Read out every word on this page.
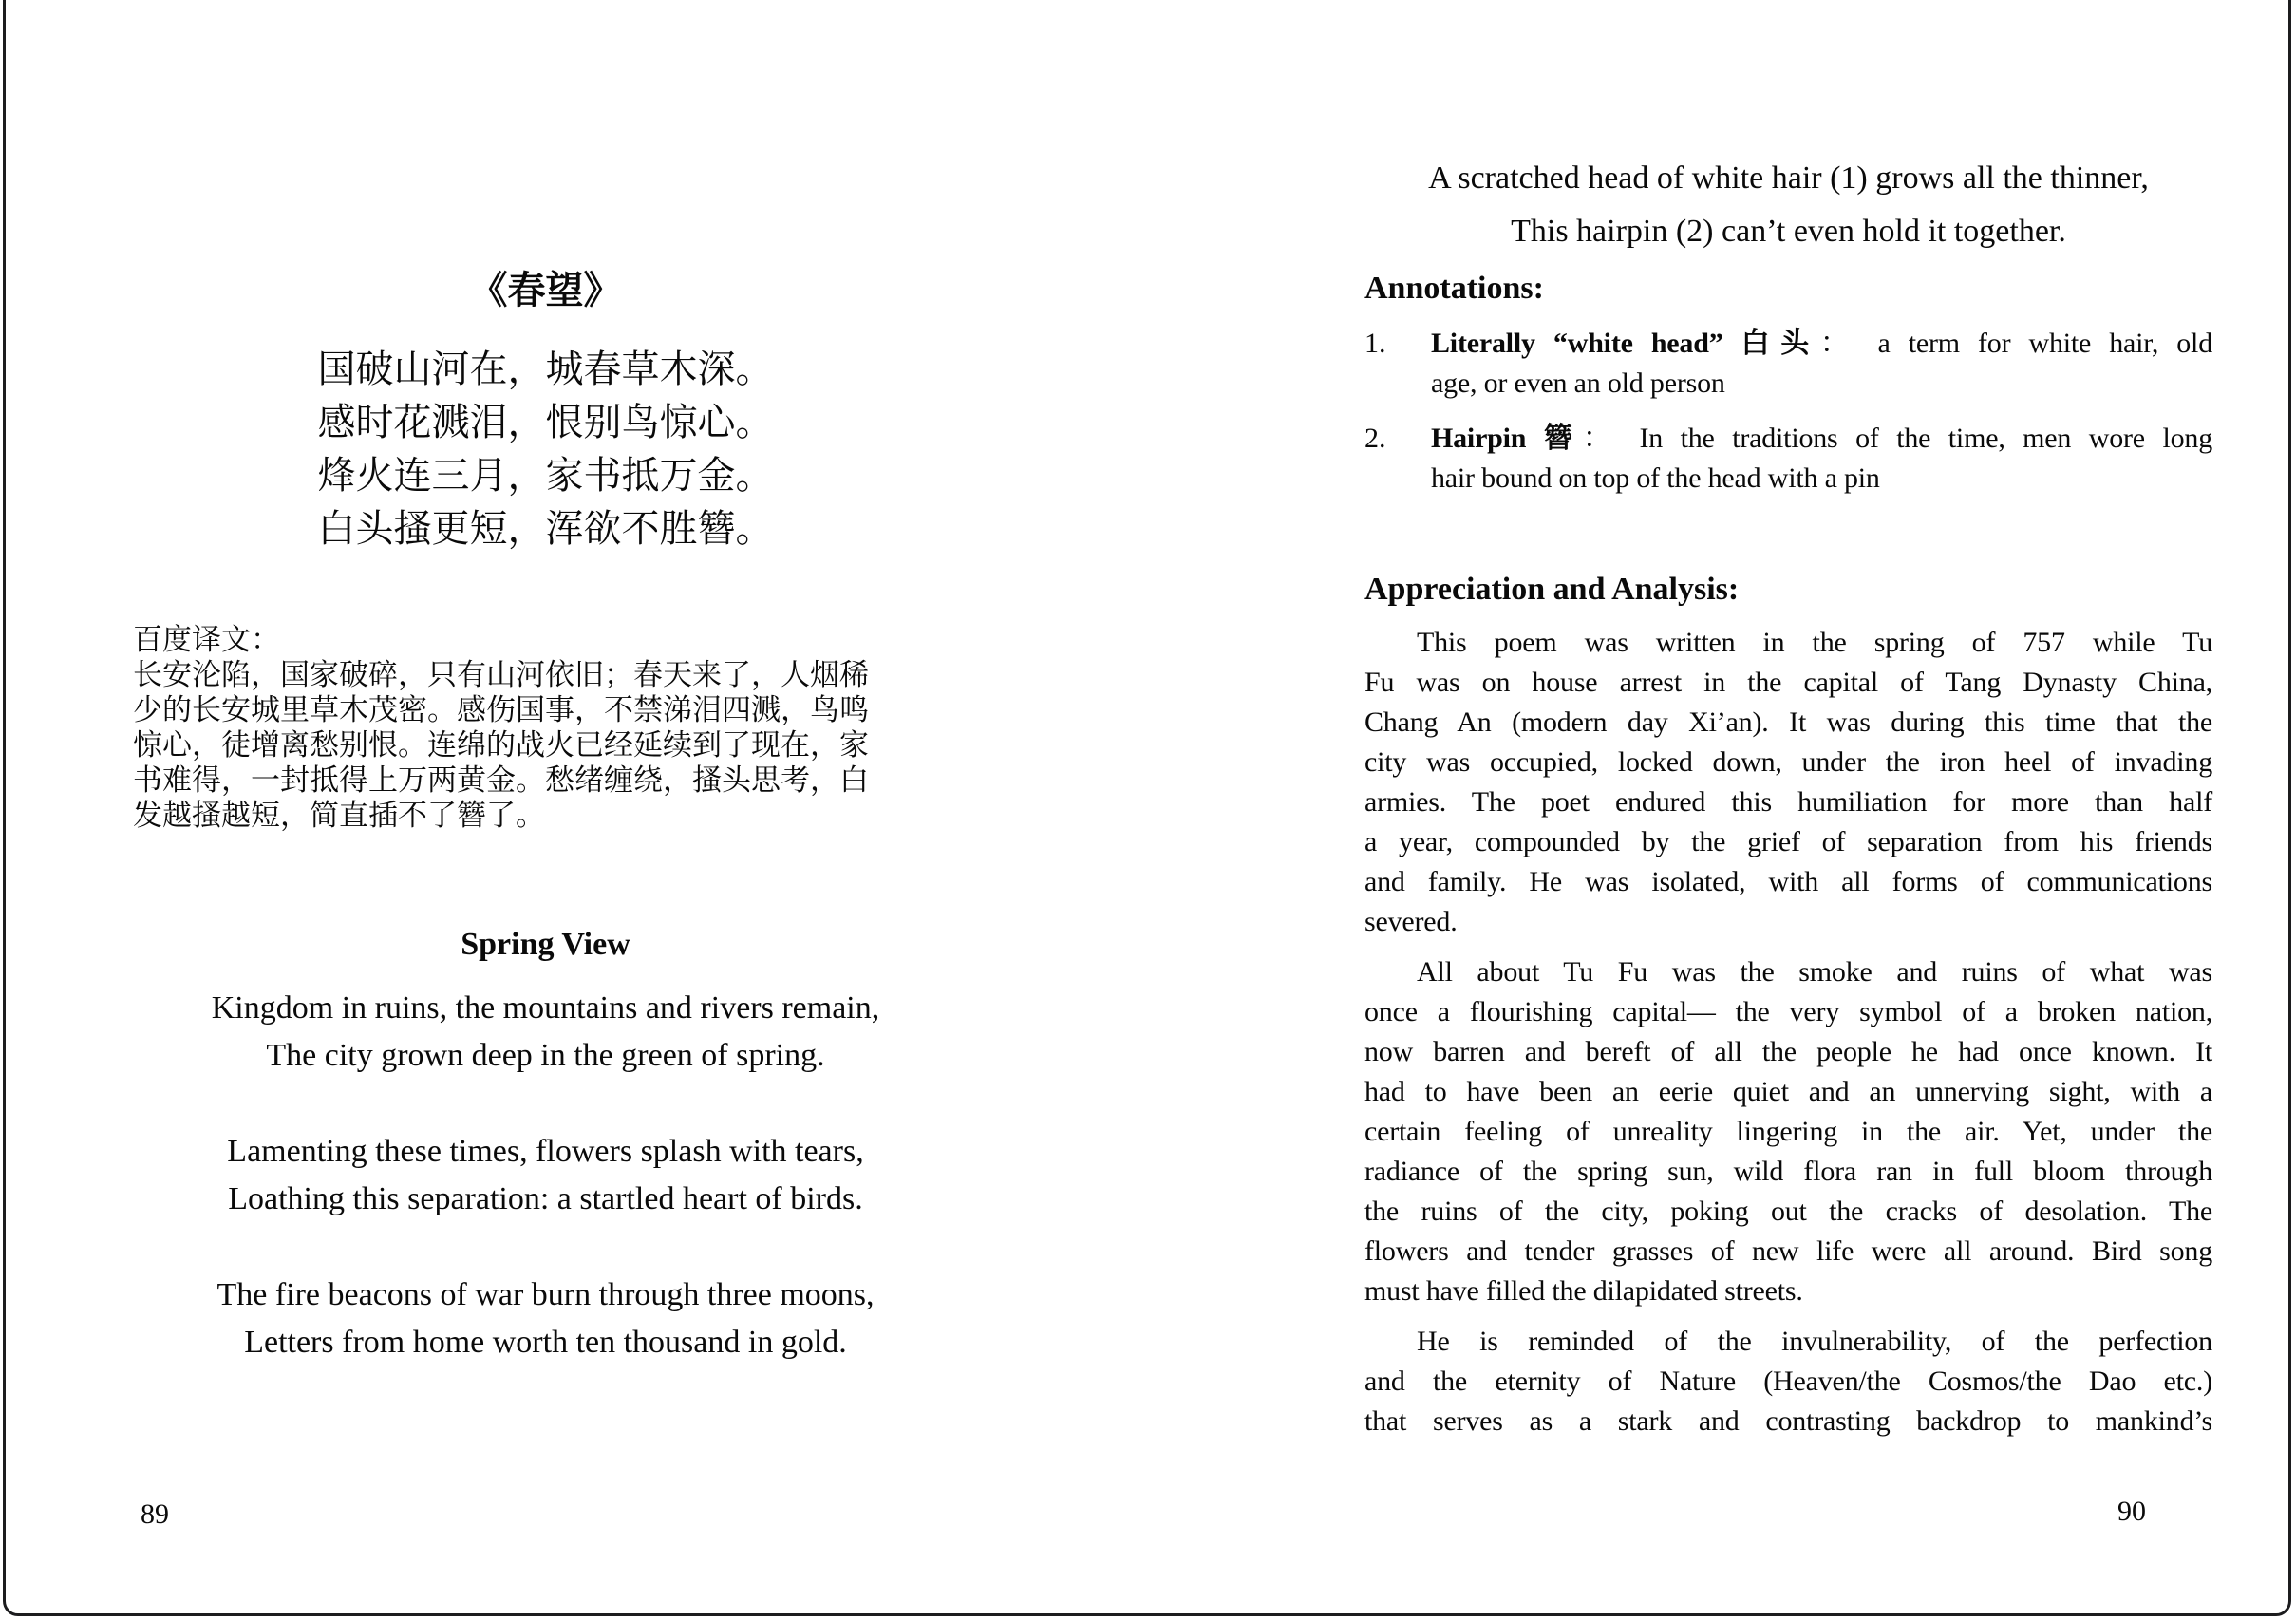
《春望》
国破山河在，城春草木深。
感时花溅泪，恨别鸟惊心。
烽火连三月，家书抵万金。
白头搔更短，浑欲不胜簪。
百度译文：
长安沦陷，国家破碎，只有山河依旧；春天来了，人烟稀
少的长安城里草木茂密。感伤国事，不禁涕泪四溅，鸟鸣
惊心，徒增离愁别恨。连绵的战火已经延续到了现在，家
书难得，一封抵得上万两黄金。愁绪缠绕，搔头思考，白
发越搔越短，简直插不了簪了。
Spring View
Kingdom in ruins, the mountains and rivers remain,
The city grown deep in the green of spring.
Lamenting these times, flowers splash with tears,
Loathing this separation: a startled heart of birds.
The fire beacons of war burn through three moons,
Letters from home worth ten thousand in gold.
89
A scratched head of white hair (1) grows all the thinner,
This hairpin (2) can’t even hold it together.
Annotations:
1. Literally “white head” 白头： a term for white hair, old
age, or even an old person
2. Hairpin 簪： In the traditions of the time, men wore long
hair bound on top of the head with a pin
Appreciation and Analysis:
This poem was written in the spring of 757 while Tu
Fu was on house arrest in the capital of Tang Dynasty China,
Chang An (modern day Xi’an). It was during this time that the
city was occupied, locked down, under the iron heel of invading
armies. The poet endured this humiliation for more than half
a year, compounded by the grief of separation from his friends
and family. He was isolated, with all forms of communications
severed.
All about Tu Fu was the smoke and ruins of what was
once a flourishing capital— the very symbol of a broken nation,
now barren and bereft of all the people he had once known. It
had to have been an eerie quiet and an unnerving sight, with a
certain feeling of unreality lingering in the air. Yet, under the
radiance of the spring sun, wild flora ran in full bloom through
the ruins of the city, poking out the cracks of desolation. The
flowers and tender grasses of new life were all around. Bird song
must have filled the dilapidated streets.
He is reminded of the invulnerability, of the perfection
and the eternity of Nature (Heaven/the Cosmos/the Dao etc.)
that serves as a stark and contrasting backdrop to mankind’s
90
